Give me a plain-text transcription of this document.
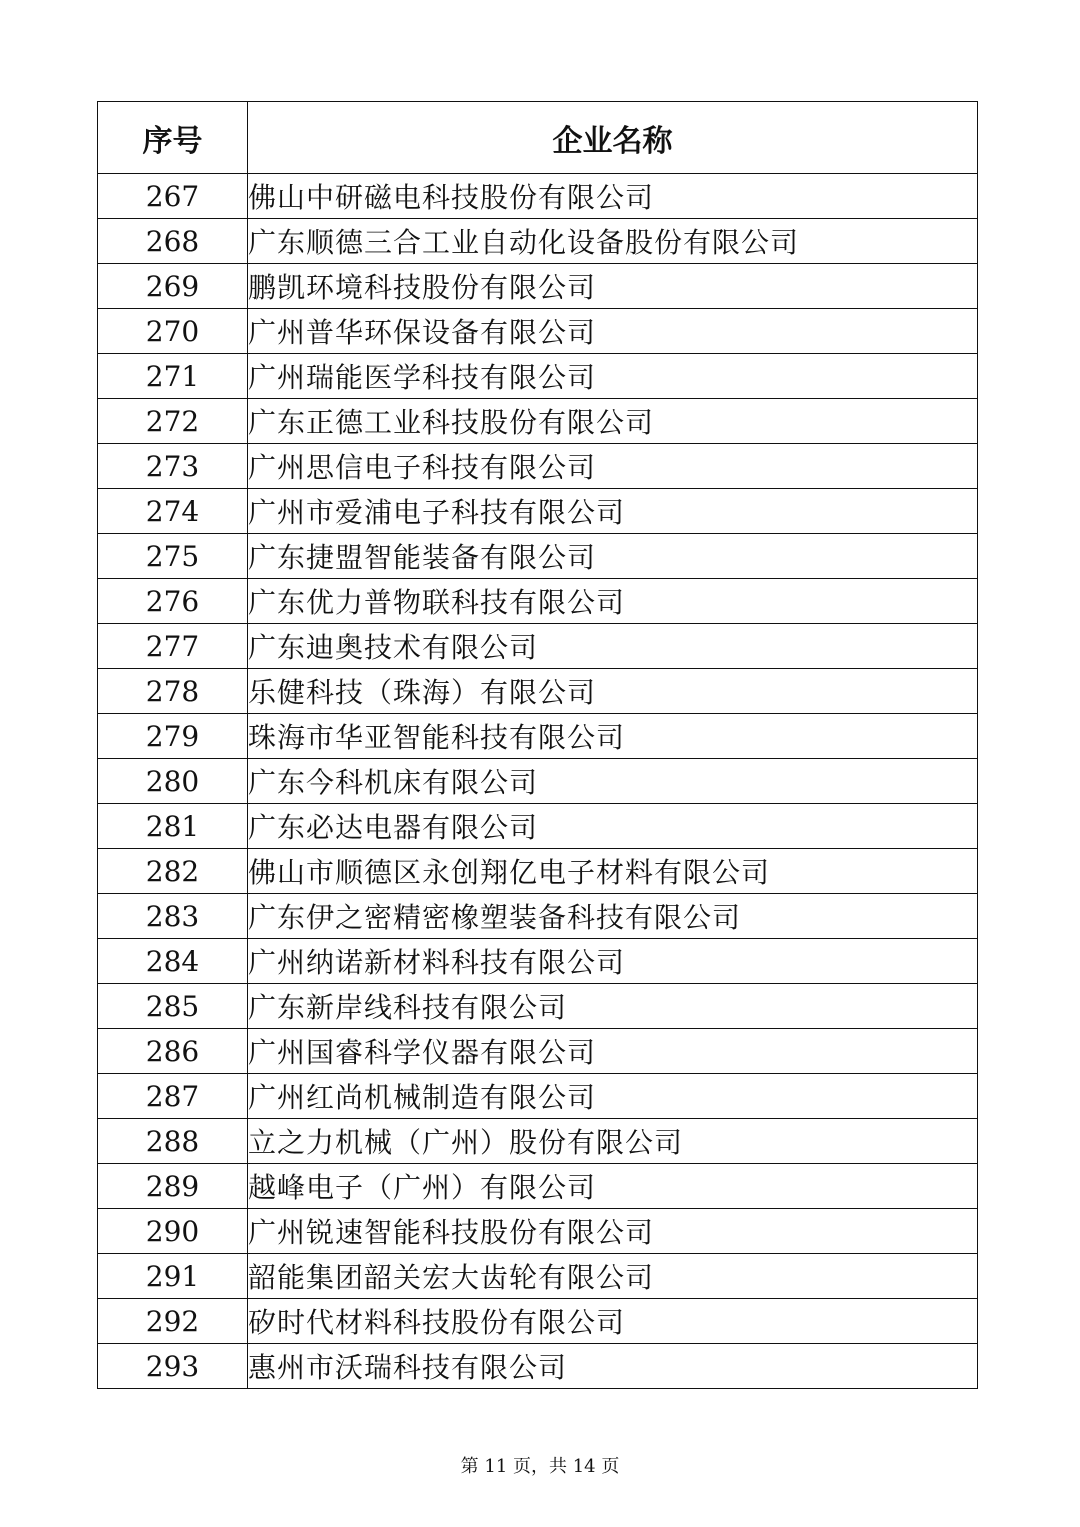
序号	企业名称
267	佛山中研磁电科技股份有限公司
268	广东顺德三合工业自动化设备股份有限公司
269	鹏凯环境科技股份有限公司
270	广州普华环保设备有限公司
271	广州瑞能医学科技有限公司
272	广东正德工业科技股份有限公司
273	广州思信电子科技有限公司
274	广州市爱浦电子科技有限公司
275	广东捷盟智能装备有限公司
276	广东优力普物联科技有限公司
277	广东迪奥技术有限公司
278	乐健科技（珠海）有限公司
279	珠海市华亚智能科技有限公司
280	广东今科机床有限公司
281	广东必达电器有限公司
282	佛山市顺德区永创翔亿电子材料有限公司
283	广东伊之密精密橡塑装备科技有限公司
284	广州纳诺新材料科技有限公司
285	广东新岸线科技有限公司
286	广州国睿科学仪器有限公司
287	广州红尚机械制造有限公司
288	立之力机械（广州）股份有限公司
289	越峰电子（广州）有限公司
290	广州锐速智能科技股份有限公司
291	韶能集团韶关宏大齿轮有限公司
292	矽时代材料科技股份有限公司
293	惠州市沃瑞科技有限公司
第 11 页，共 14 页
